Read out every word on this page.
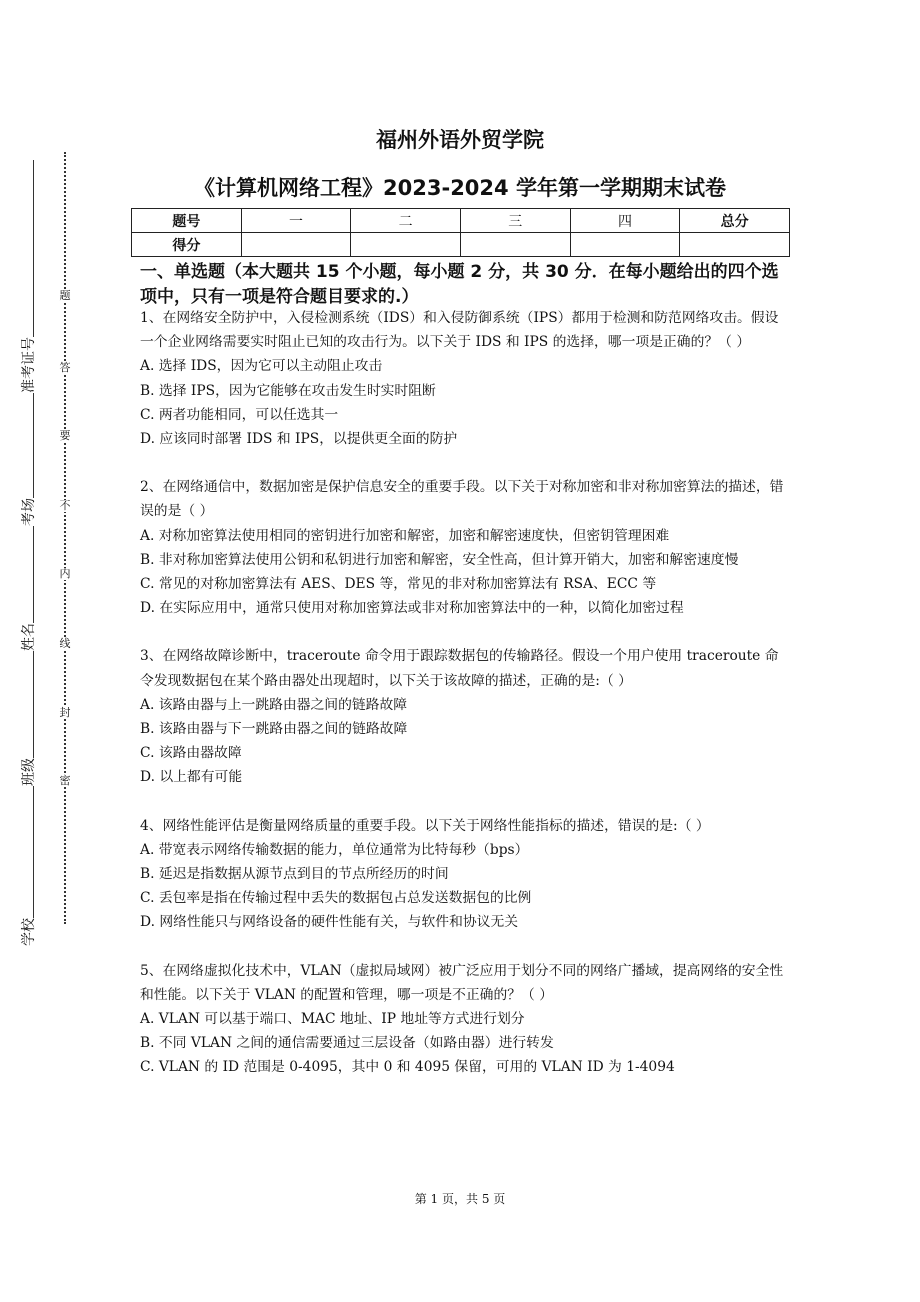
准考证号
考场
姓名
班级
学校
题
答
要
不
内
线
封
密
福州外语外贸学院
《计算机网络工程》2023-2024 学年第一学期期末试卷
题号	一	二	三	四	总分
得分					
一、单选题（本大题共 15 个小题，每小题 2 分，共 30 分．在每小题给出的四个选项中，只有一项是符合题目要求的.）

1、在网络安全防护中，入侵检测系统（IDS）和入侵防御系统（IPS）都用于检测和防范网络攻击。假设一个企业网络需要实时阻止已知的攻击行为。以下关于 IDS 和 IPS 的选择，哪一项是正确的？（ ）

A. 选择 IDS，因为它可以主动阻止攻击

B. 选择 IPS，因为它能够在攻击发生时实时阻断

C. 两者功能相同，可以任选其一

D. 应该同时部署 IDS 和 IPS，以提供更全面的防护

2、在网络通信中，数据加密是保护信息安全的重要手段。以下关于对称加密和非对称加密算法的描述，错误的是（ ）

A. 对称加密算法使用相同的密钥进行加密和解密，加密和解密速度快，但密钥管理困难

B. 非对称加密算法使用公钥和私钥进行加密和解密，安全性高，但计算开销大，加密和解密速度慢

C. 常见的对称加密算法有 AES、DES 等，常见的非对称加密算法有 RSA、ECC 等

D. 在实际应用中，通常只使用对称加密算法或非对称加密算法中的一种，以简化加密过程

3、在网络故障诊断中，traceroute 命令用于跟踪数据包的传输路径。假设一个用户使用 traceroute 命令发现数据包在某个路由器处出现超时，以下关于该故障的描述，正确的是:（ ）

A. 该路由器与上一跳路由器之间的链路故障

B. 该路由器与下一跳路由器之间的链路故障

C. 该路由器故障

D. 以上都有可能

4、网络性能评估是衡量网络质量的重要手段。以下关于网络性能指标的描述，错误的是:（ ）

A. 带宽表示网络传输数据的能力，单位通常为比特每秒（bps）

B. 延迟是指数据从源节点到目的节点所经历的时间

C. 丢包率是指在传输过程中丢失的数据包占总发送数据包的比例

D. 网络性能只与网络设备的硬件性能有关，与软件和协议无关

5、在网络虚拟化技术中，VLAN（虚拟局域网）被广泛应用于划分不同的网络广播域，提高网络的安全性和性能。以下关于 VLAN 的配置和管理，哪一项是不正确的？（ ）

A. VLAN 可以基于端口、MAC 地址、IP 地址等方式进行划分

B. 不同 VLAN 之间的通信需要通过三层设备（如路由器）进行转发

C. VLAN 的 ID 范围是 0-4095，其中 0 和 4095 保留，可用的 VLAN ID 为 1-4094

第 1 页，共 5 页
